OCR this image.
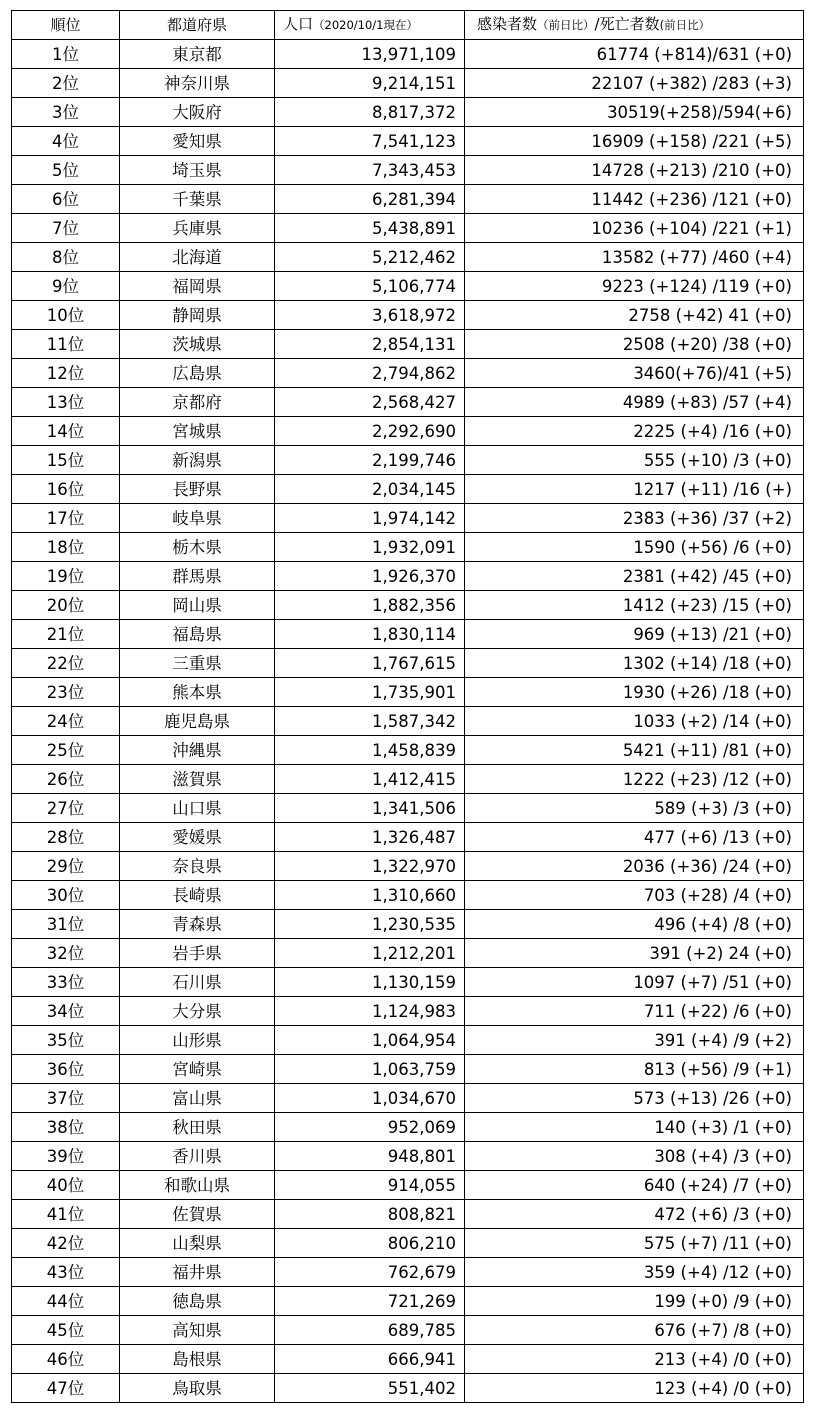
順位	都道府県	人口（2020/10/1現在）	感染者数（前日比）/死亡者数(前日比）
1位	東京都	13,971,109	61774 (+814)/631 (+0)
2位	神奈川県	9,214,151	22107 (+382) /283 (+3)
3位	大阪府	8,817,372	30519(+258)/594(+6)
4位	愛知県	7,541,123	16909 (+158) /221 (+5)
5位	埼玉県	7,343,453	14728 (+213) /210 (+0)
6位	千葉県	6,281,394	11442 (+236) /121 (+0)
7位	兵庫県	5,438,891	10236 (+104) /221 (+1)
8位	北海道	5,212,462	13582 (+77) /460 (+4)
9位	福岡県	5,106,774	9223 (+124) /119 (+0)
10位	静岡県	3,618,972	2758 (+42) 41 (+0)
11位	茨城県	2,854,131	2508 (+20) /38 (+0)
12位	広島県	2,794,862	3460(+76)/41 (+5)
13位	京都府	2,568,427	4989 (+83) /57 (+4)
14位	宮城県	2,292,690	2225 (+4) /16 (+0)
15位	新潟県	2,199,746	555 (+10) /3 (+0)
16位	長野県	2,034,145	1217 (+11) /16 (+)
17位	岐阜県	1,974,142	2383 (+36) /37 (+2)
18位	栃木県	1,932,091	1590 (+56) /6 (+0)
19位	群馬県	1,926,370	2381 (+42) /45 (+0)
20位	岡山県	1,882,356	1412 (+23) /15 (+0)
21位	福島県	1,830,114	969 (+13) /21 (+0)
22位	三重県	1,767,615	1302 (+14) /18 (+0)
23位	熊本県	1,735,901	1930 (+26) /18 (+0)
24位	鹿児島県	1,587,342	1033 (+2) /14 (+0)
25位	沖縄県	1,458,839	5421 (+11) /81 (+0)
26位	滋賀県	1,412,415	1222 (+23) /12 (+0)
27位	山口県	1,341,506	589 (+3) /3 (+0)
28位	愛媛県	1,326,487	477 (+6) /13 (+0)
29位	奈良県	1,322,970	2036 (+36) /24 (+0)
30位	長崎県	1,310,660	703 (+28) /4 (+0)
31位	青森県	1,230,535	496 (+4) /8 (+0)
32位	岩手県	1,212,201	391 (+2) 24 (+0)
33位	石川県	1,130,159	1097 (+7) /51 (+0)
34位	大分県	1,124,983	711 (+22) /6 (+0)
35位	山形県	1,064,954	391 (+4) /9 (+2)
36位	宮崎県	1,063,759	813 (+56) /9 (+1)
37位	富山県	1,034,670	573 (+13) /26 (+0)
38位	秋田県	952,069	140 (+3) /1 (+0)
39位	香川県	948,801	308 (+4) /3 (+0)
40位	和歌山県	914,055	640 (+24) /7 (+0)
41位	佐賀県	808,821	472 (+6) /3 (+0)
42位	山梨県	806,210	575 (+7) /11 (+0)
43位	福井県	762,679	359 (+4) /12 (+0)
44位	徳島県	721,269	199 (+0) /9 (+0)
45位	高知県	689,785	676 (+7) /8 (+0)
46位	島根県	666,941	213 (+4) /0 (+0)
47位	鳥取県	551,402	123 (+4) /0 (+0)
